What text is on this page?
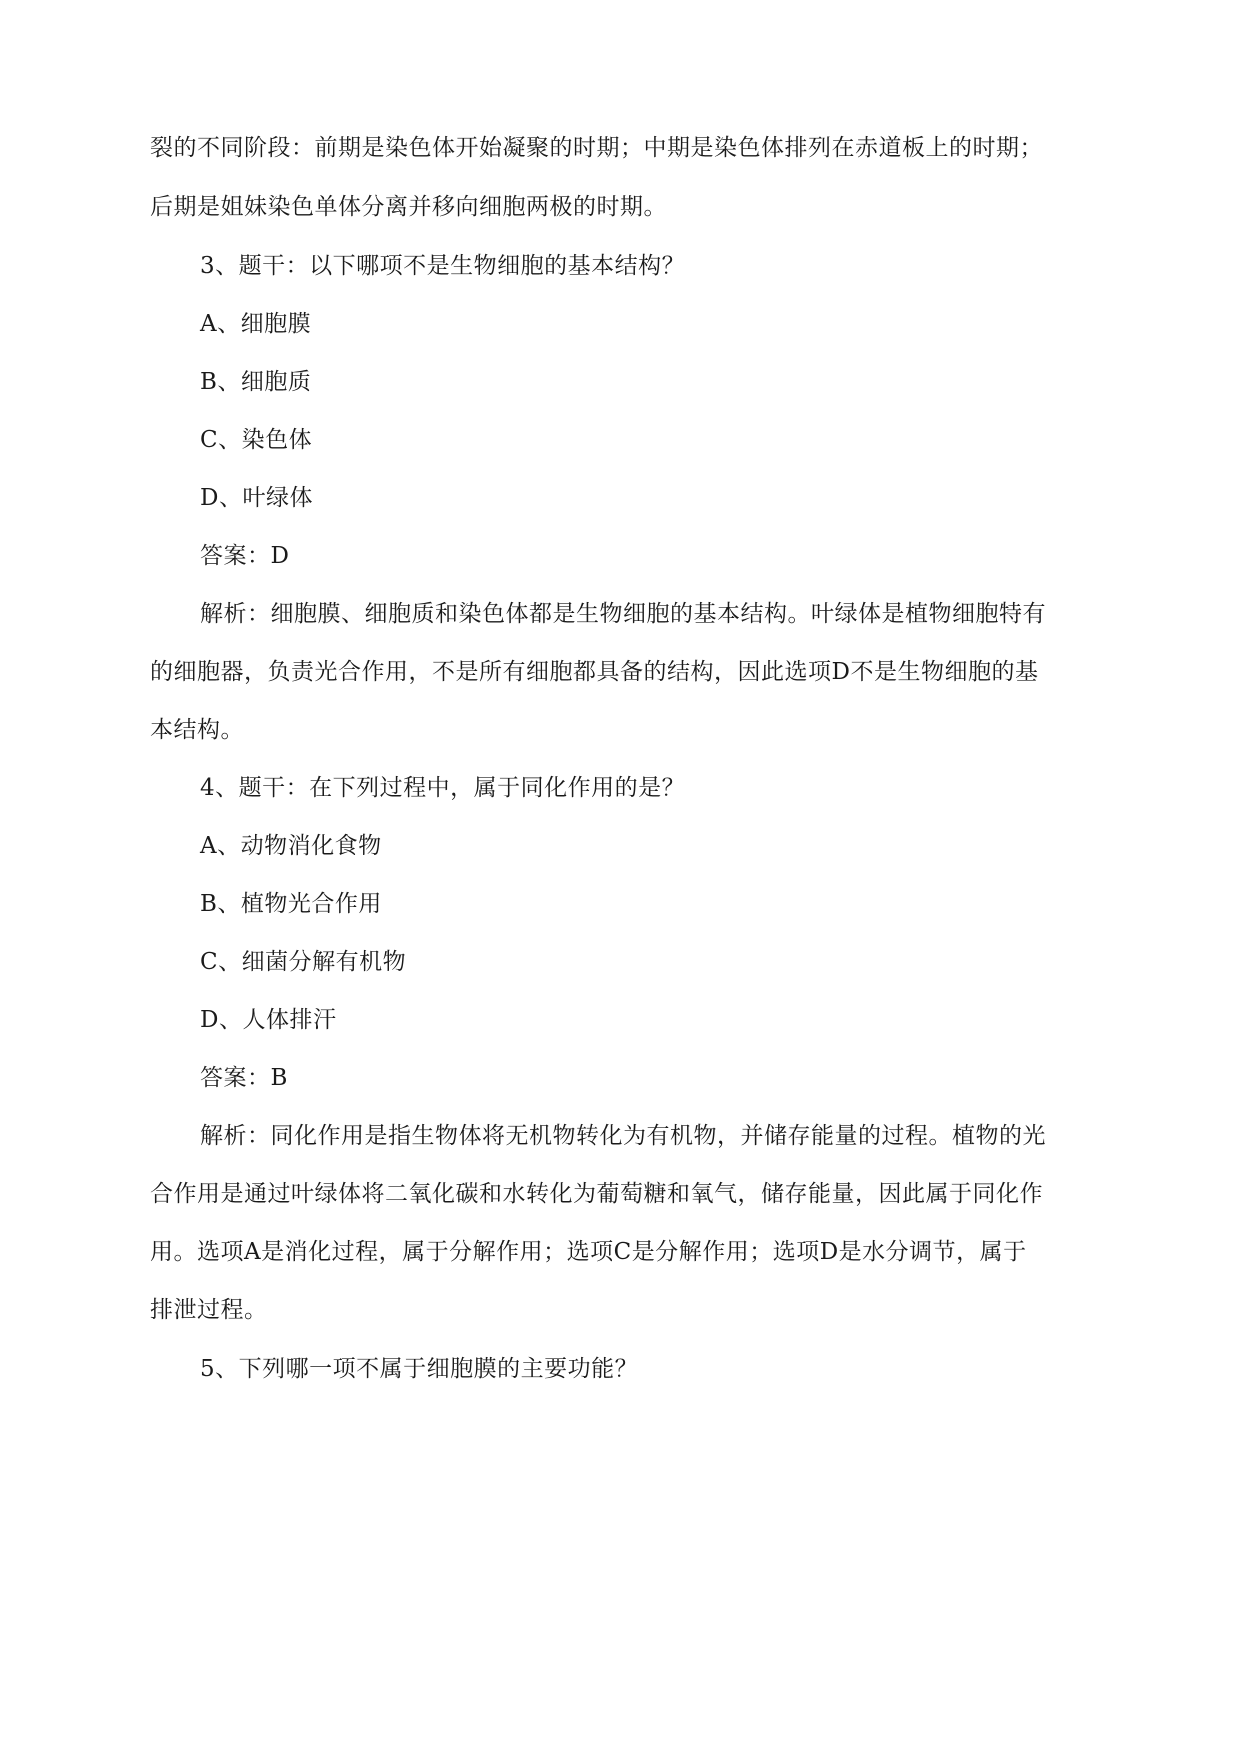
裂的不同阶段：前期是染色体开始凝聚的时期；中期是染色体排列在赤道板上的时期；
后期是姐妹染色单体分离并移向细胞两极的时期。
3、题干：以下哪项不是生物细胞的基本结构？
A、细胞膜
B、细胞质
C、染色体
D、叶绿体
答案：D
解析：细胞膜、细胞质和染色体都是生物细胞的基本结构。叶绿体是植物细胞特有
的细胞器，负责光合作用，不是所有细胞都具备的结构，因此选项D不是生物细胞的基
本结构。
4、题干：在下列过程中，属于同化作用的是？
A、动物消化食物
B、植物光合作用
C、细菌分解有机物
D、人体排汗
答案：B
解析：同化作用是指生物体将无机物转化为有机物，并储存能量的过程。植物的光
合作用是通过叶绿体将二氧化碳和水转化为葡萄糖和氧气，储存能量，因此属于同化作
用。选项A是消化过程，属于分解作用；选项C是分解作用；选项D是水分调节，属于
排泄过程。
5、下列哪一项不属于细胞膜的主要功能？
